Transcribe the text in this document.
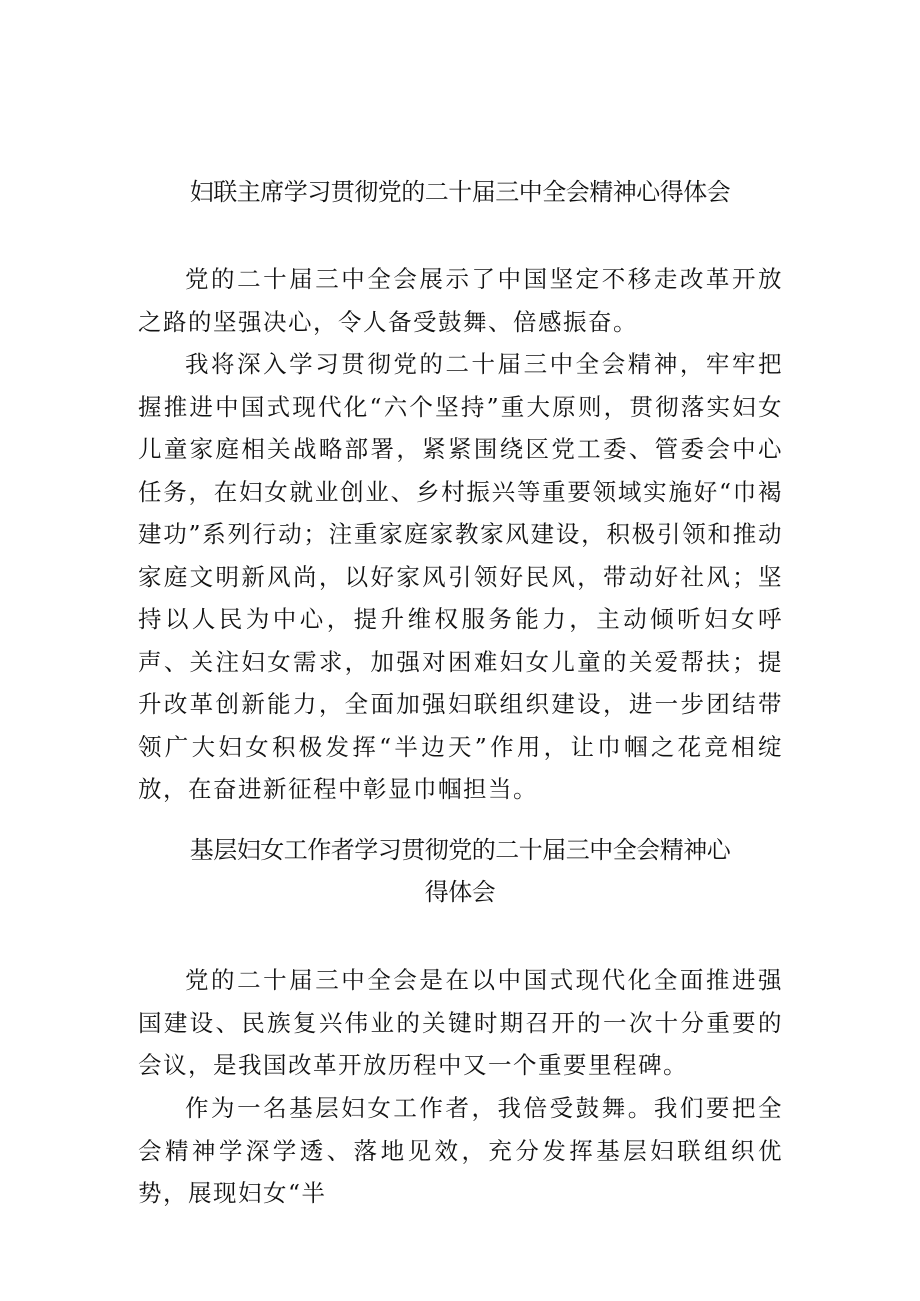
妇联主席学习贯彻党的二十届三中全会精神心得体会

党的二十届三中全会展示了中国坚定不移走改革开放之路的坚强决心，令人备受鼓舞、倍感振奋。

我将深入学习贯彻党的二十届三中全会精神，牢牢把握推进中国式现代化“六个坚持”重大原则，贯彻落实妇女儿童家庭相关战略部署，紧紧围绕区党工委、管委会中心任务，在妇女就业创业、乡村振兴等重要领域实施好“巾褐建功”系列行动；注重家庭家教家风建设，积极引领和推动家庭文明新风尚，以好家风引领好民风，带动好社风；坚持以人民为中心，提升维权服务能力，主动倾听妇女呼声、关注妇女需求，加强对困难妇女儿童的关爱帮扶；提升改革创新能力，全面加强妇联组织建设，进一步团结带领广大妇女积极发挥“半边天”作用，让巾帼之花竞相绽放，在奋进新征程中彰显巾帼担当。

基层妇女工作者学习贯彻党的二十届三中全会精神心
得体会

党的二十届三中全会是在以中国式现代化全面推进强国建设、民族复兴伟业的关键时期召开的一次十分重要的会议，是我国改革开放历程中又一个重要里程碑。

作为一名基层妇女工作者，我倍受鼓舞。我们要把全会精神学深学透、落地见效，充分发挥基层妇联组织优势，展现妇女“半
